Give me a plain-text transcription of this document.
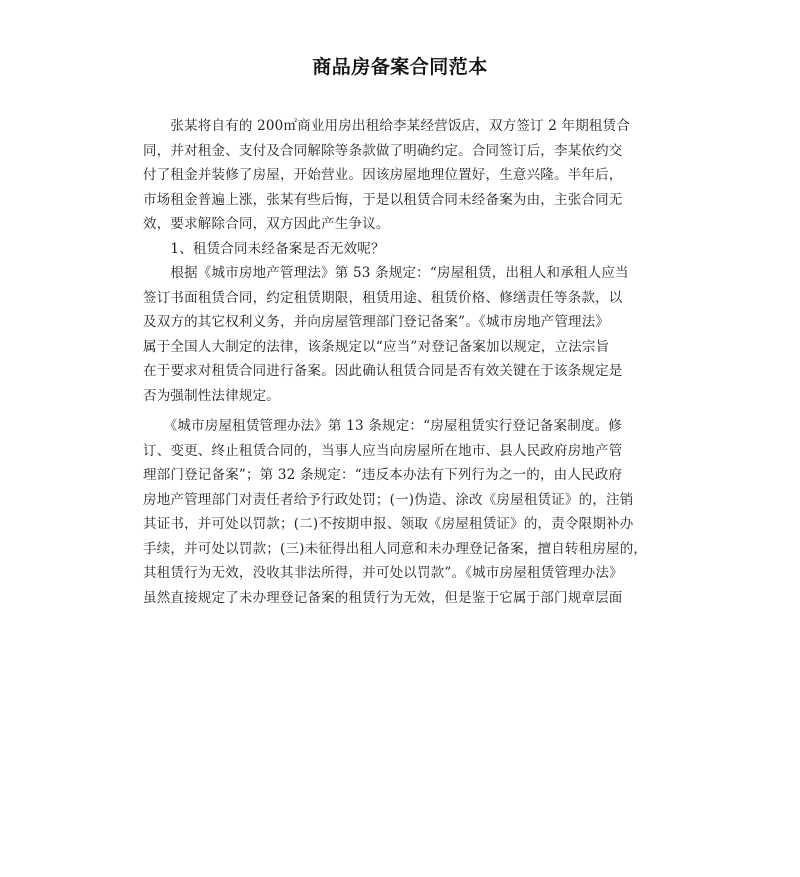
商品房备案合同范本
　　张某将自有的 200㎡商业用房出租给李某经营饭店，双方签订 2 年期租赁合
同，并对租金、支付及合同解除等条款做了明确约定。合同签订后，李某依约交
付了租金并装修了房屋，开始营业。因该房屋地理位置好，生意兴隆。半年后，
市场租金普遍上涨，张某有些后悔，于是以租赁合同未经备案为由，主张合同无
效，要求解除合同，双方因此产生争议。
　　1、租赁合同未经备案是否无效呢？
　　根据《城市房地产管理法》第 53 条规定：“房屋租赁，出租人和承租人应当
签订书面租赁合同，约定租赁期限，租赁用途、租赁价格、修缮责任等条款，以
及双方的其它权利义务，并向房屋管理部门登记备案”。《城市房地产管理法》
属于全国人大制定的法律，该条规定以“应当”对登记备案加以规定，立法宗旨
在于要求对租赁合同进行备案。因此确认租赁合同是否有效关键在于该条规定是
否为强制性法律规定。
　　《城市房屋租赁管理办法》第 13 条规定：“房屋租赁实行登记备案制度。修
订、变更、终止租赁合同的，当事人应当向房屋所在地市、县人民政府房地产管
理部门登记备案”；第 32 条规定：“违反本办法有下列行为之一的，由人民政府
房地产管理部门对责任者给予行政处罚；(一)伪造、涂改《房屋租赁证》的，注销
其证书，并可处以罚款；(二)不按期申报、领取《房屋租赁证》的，责令限期补办
手续，并可处以罚款；(三)未征得出租人同意和未办理登记备案，擅自转租房屋的，
其租赁行为无效，没收其非法所得，并可处以罚款”。《城市房屋租赁管理办法》
虽然直接规定了未办理登记备案的租赁行为无效，但是鉴于它属于部门规章层面
